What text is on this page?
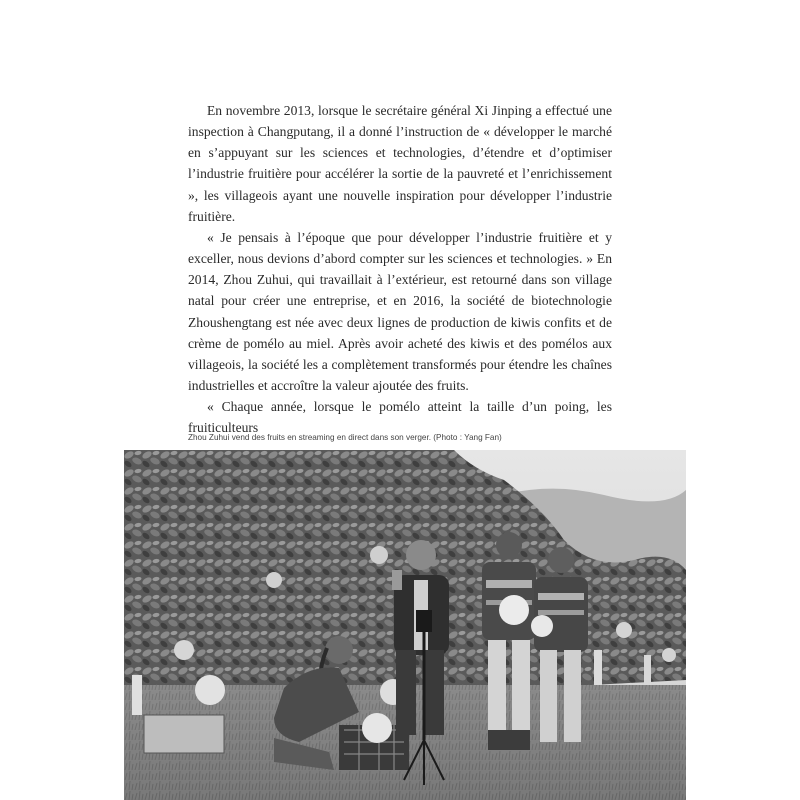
En novembre 2013, lorsque le secrétaire général Xi Jinping a effectué une inspection à Changputang, il a donné l’instruction de « développer le marché en s’appuyant sur les sciences et technologies, d’étendre et d’optimiser l’industrie fruitière pour accélérer la sortie de la pauvreté et l’enrichissement », les villageois ayant une nouvelle inspiration pour développer l’industrie fruitière.

« Je pensais à l’époque que pour développer l’industrie fruitière et y exceller, nous devions d’abord compter sur les sciences et technologies. » En 2014, Zhou Zuhui, qui travaillait à l’extérieur, est retourné dans son village natal pour créer une entreprise, et en 2016, la société de biotechnologie Zhoushengtang est née avec deux lignes de production de kiwis confits et de crème de pomélo au miel. Après avoir acheté des kiwis et des pomélos aux villageois, la société les a complètement transformés pour étendre les chaînes industrielles et accroître la valeur ajoutée des fruits.

« Chaque année, lorsque le pomélo atteint la taille d’un poing, les fruiticulteurs

Zhou Zuhui vend des fruits en streaming en direct dans son verger. (Photo : Yang Fan)
